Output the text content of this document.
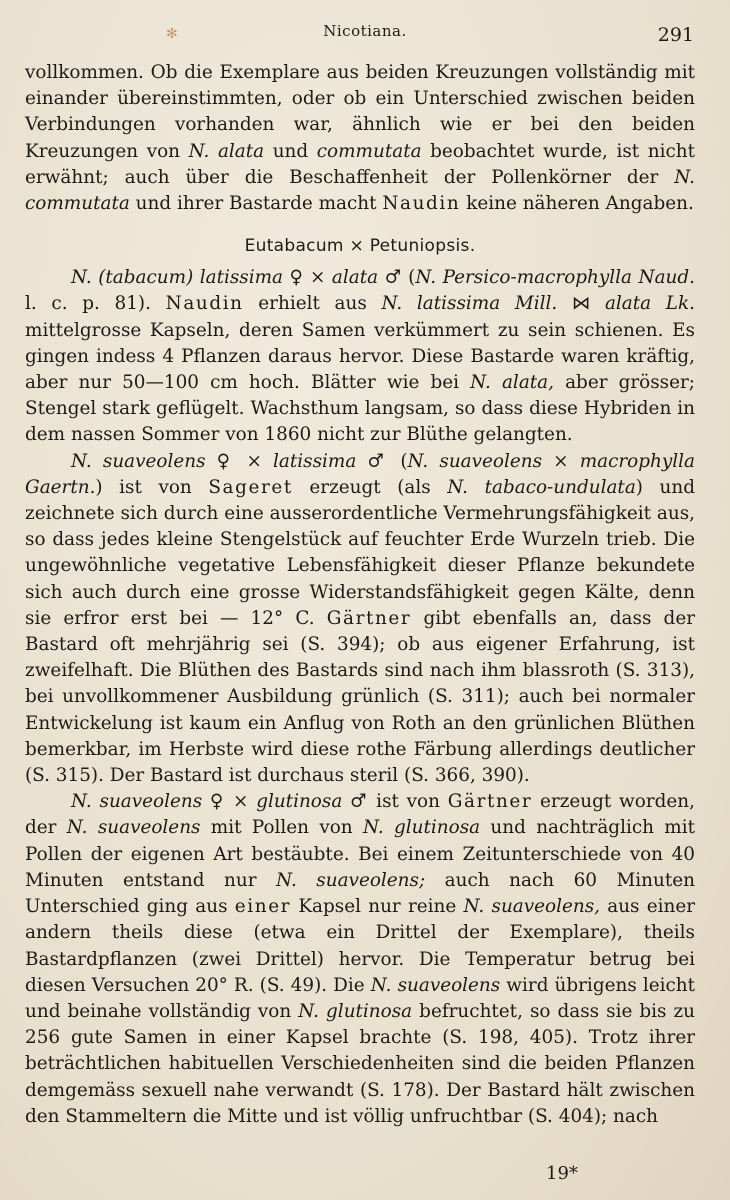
✻	Nicotiana.	291

vollkommen. Ob die Exemplare aus beiden Kreuzungen vollständig mit einander übereinstimmten, oder ob ein Unterschied zwischen beiden Verbindungen vorhanden war, ähnlich wie er bei den beiden Kreuzungen von N. alata und commutata beobachtet wurde, ist nicht erwähnt; auch über die Beschaffenheit der Pollenkörner der N. commutata und ihrer Bastarde macht Naudin keine näheren Angaben.

Eutabacum × Petuniopsis.

N. (tabacum) latissima ♀ × alata ♂ (N. Persico-macrophylla Naud. l. c. p. 81). Naudin erhielt aus N. latissima Mill. ⋈ alata Lk. mittelgrosse Kapseln, deren Samen verkümmert zu sein schienen. Es gingen indess 4 Pflanzen daraus hervor. Diese Bastarde waren kräftig, aber nur 50—100 cm hoch. Blätter wie bei N. alata, aber grösser; Stengel stark geflügelt. Wachsthum langsam, so dass diese Hybriden in dem nassen Sommer von 1860 nicht zur Blüthe gelangten.

N. suaveolens ♀ × latissima ♂ (N. suaveolens × macrophylla Gaertn.) ist von Sageret erzeugt (als N. tabaco-undulata) und zeichnete sich durch eine ausserordentliche Vermehrungsfähigkeit aus, so dass jedes kleine Stengelstück auf feuchter Erde Wurzeln trieb. Die ungewöhnliche vegetative Lebensfähigkeit dieser Pflanze bekundete sich auch durch eine grosse Widerstandsfähigkeit gegen Kälte, denn sie erfror erst bei — 12° C. Gärtner gibt ebenfalls an, dass der Bastard oft mehrjährig sei (S. 394); ob aus eigener Erfahrung, ist zweifelhaft. Die Blüthen des Bastards sind nach ihm blassroth (S. 313), bei unvollkommener Ausbildung grünlich (S. 311); auch bei normaler Entwickelung ist kaum ein Anflug von Roth an den grünlichen Blüthen bemerkbar, im Herbste wird diese rothe Färbung allerdings deutlicher (S. 315). Der Bastard ist durchaus steril (S. 366, 390).

N. suaveolens ♀ × glutinosa ♂ ist von Gärtner erzeugt worden, der N. suaveolens mit Pollen von N. glutinosa und nachträglich mit Pollen der eigenen Art bestäubte. Bei einem Zeitunterschiede von 40 Minuten entstand nur N. suaveolens; auch nach 60 Minuten Unterschied ging aus einer Kapsel nur reine N. suaveolens, aus einer andern theils diese (etwa ein Drittel der Exemplare), theils Bastardpflanzen (zwei Drittel) hervor. Die Temperatur betrug bei diesen Versuchen 20° R. (S. 49). Die N. suaveolens wird übrigens leicht und beinahe vollständig von N. glutinosa befruchtet, so dass sie bis zu 256 gute Samen in einer Kapsel brachte (S. 198, 405). Trotz ihrer beträchtlichen habituellen Verschiedenheiten sind die beiden Pflanzen demgemäss sexuell nahe verwandt (S. 178). Der Bastard hält zwischen den Stammeltern die Mitte und ist völlig unfruchtbar (S. 404); nach

19*
